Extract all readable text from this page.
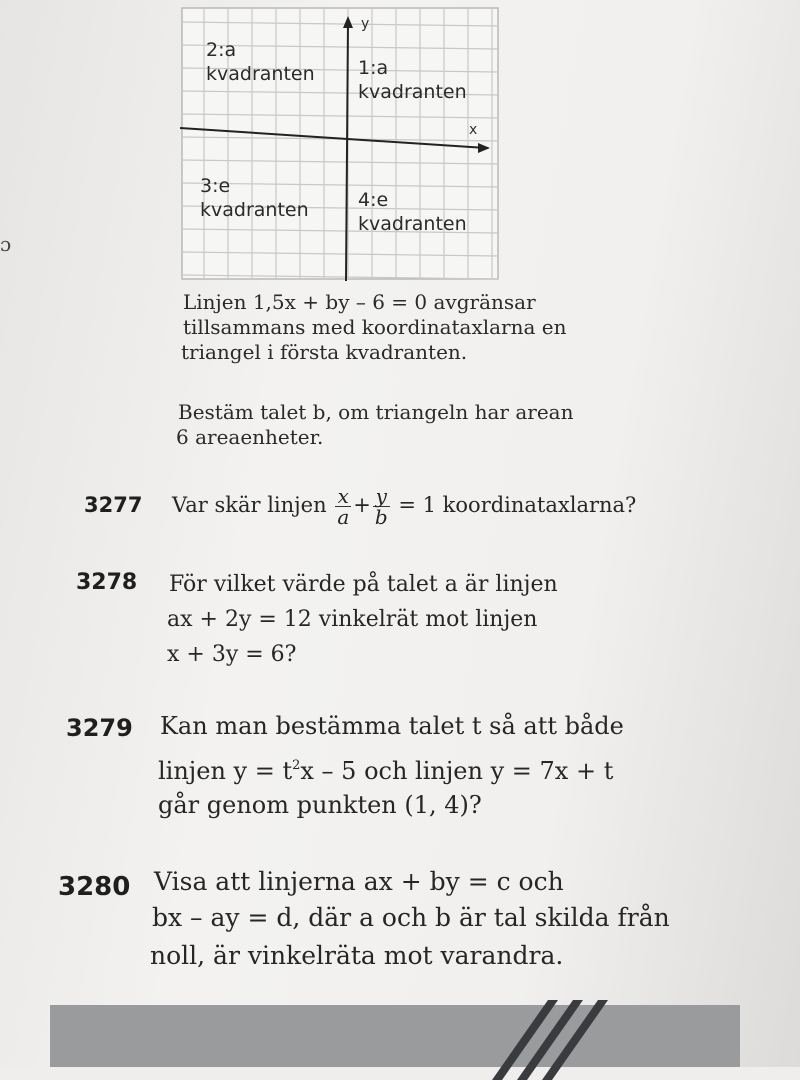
ɔ
y
x
2:a
kvadranten 1:a
kvadranten
3:e
kvadranten	4:e
kvadranten
Linjen 1,5x + by – 6 = 0 avgränsar
tillsammans med koordinataxlarna en
triangel i första kvadranten.
Bestäm talet b, om triangeln har arean
6 areaenheter.
3277 Var skär linjen $\frac{x}{a} + \frac{y}{b} = 1$ koordinataxlarna?
3278 För vilket värde på talet a är linjen
ax + 2y = 12 vinkelrät mot linjen
x + 3y = 6?
3279 Kan man bestämma talet t så att både
linjen $y = t^2x - 5$ och linjen y = 7x + t
går genom punkten (1, 4)?
3280 Visa att linjerna ax + by = c och
bx – ay = d, där a och b är tal skilda från
noll, är vinkelräta mot varandra.
